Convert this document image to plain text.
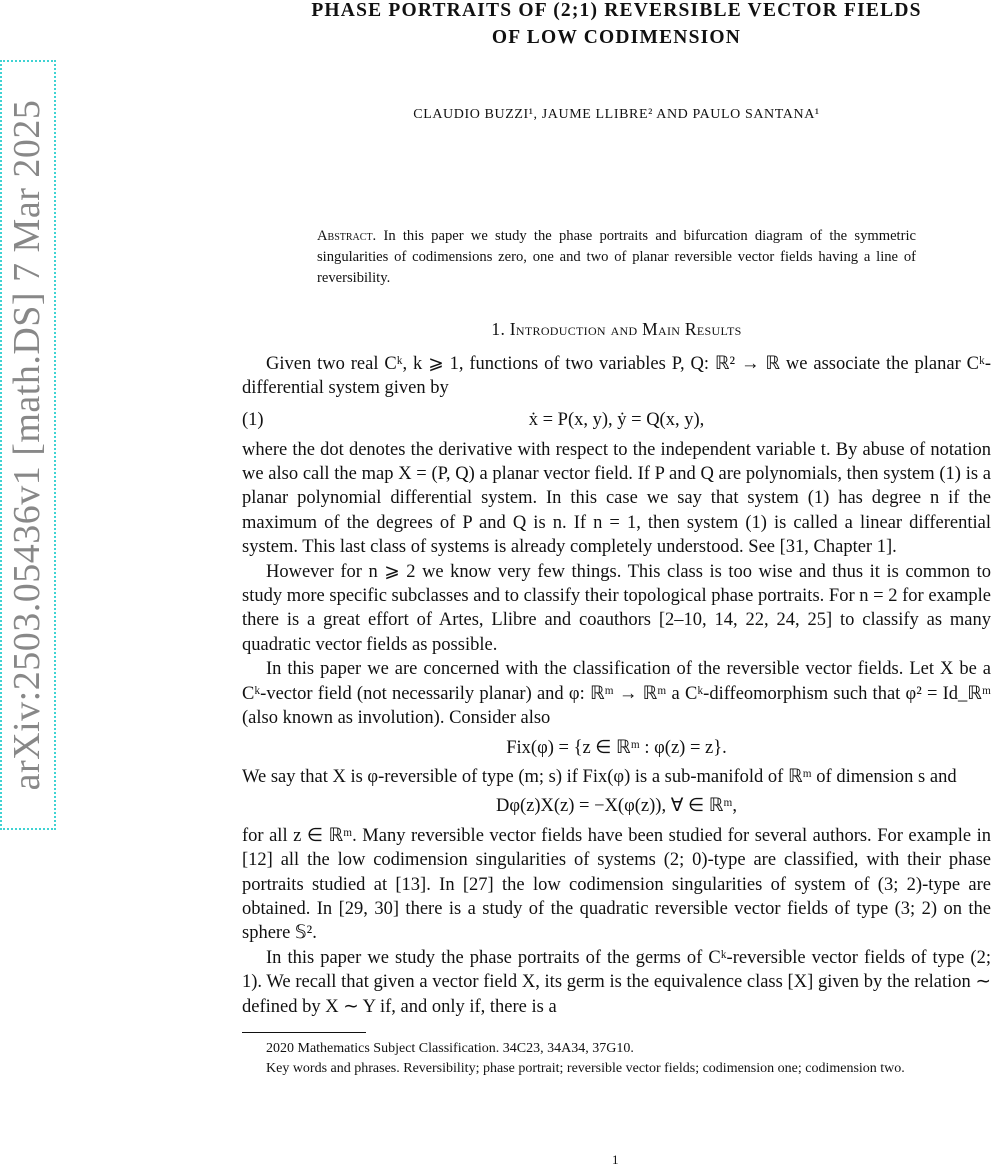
arXiv:2503.05436v1 [math.DS] 7 Mar 2025
PHASE PORTRAITS OF (2;1) REVERSIBLE VECTOR FIELDS
OF LOW CODIMENSION
CLAUDIO BUZZI¹, JAUME LLIBRE² AND PAULO SANTANA¹
Abstract. In this paper we study the phase portraits and bifurcation diagram of the symmetric singularities of codimensions zero, one and two of planar reversible vector fields having a line of reversibility.
1. Introduction and Main Results

Given two real Cᵏ, k ⩾ 1, functions of two variables P, Q: ℝ² → ℝ we associate the planar Cᵏ-differential system given by

(1)	ẋ = P(x, y), ẏ = Q(x, y),

where the dot denotes the derivative with respect to the independent variable t. By abuse of notation we also call the map X = (P, Q) a planar vector field. If P and Q are polynomials, then system (1) is a planar polynomial differential system. In this case we say that system (1) has degree n if the maximum of the degrees of P and Q is n. If n = 1, then system (1) is called a linear differential system. This last class of systems is already completely understood. See [31, Chapter 1].

However for n ⩾ 2 we know very few things. This class is too wise and thus it is common to study more specific subclasses and to classify their topological phase portraits. For n = 2 for example there is a great effort of Artes, Llibre and coauthors [2–10, 14, 22, 24, 25] to classify as many quadratic vector fields as possible.

In this paper we are concerned with the classification of the reversible vector fields. Let X be a Cᵏ-vector field (not necessarily planar) and φ: ℝᵐ → ℝᵐ a Cᵏ-diffeomorphism such that φ² = Id_ℝᵐ (also known as involution). Consider also

Fix(φ) = {z ∈ ℝᵐ : φ(z) = z}.

We say that X is φ-reversible of type (m; s) if Fix(φ) is a sub-manifold of ℝᵐ of dimension s and

Dφ(z)X(z) = −X(φ(z)), ∀ ∈ ℝᵐ,

for all z ∈ ℝᵐ. Many reversible vector fields have been studied for several authors. For example in [12] all the low codimension singularities of systems (2; 0)-type are classified, with their phase portraits studied at [13]. In [27] the low codimension singularities of system of (3; 2)-type are obtained. In [29, 30] there is a study of the quadratic reversible vector fields of type (3; 2) on the sphere 𝕊².

In this paper we study the phase portraits of the germs of Cᵏ-reversible vector fields of type (2; 1). We recall that given a vector field X, its germ is the equivalence class [X] given by the relation ∼ defined by X ∼ Y if, and only if, there is a

2020 Mathematics Subject Classification. 34C23, 34A34, 37G10.

Key words and phrases. Reversibility; phase portrait; reversible vector fields; codimension one; codimension two.

1
